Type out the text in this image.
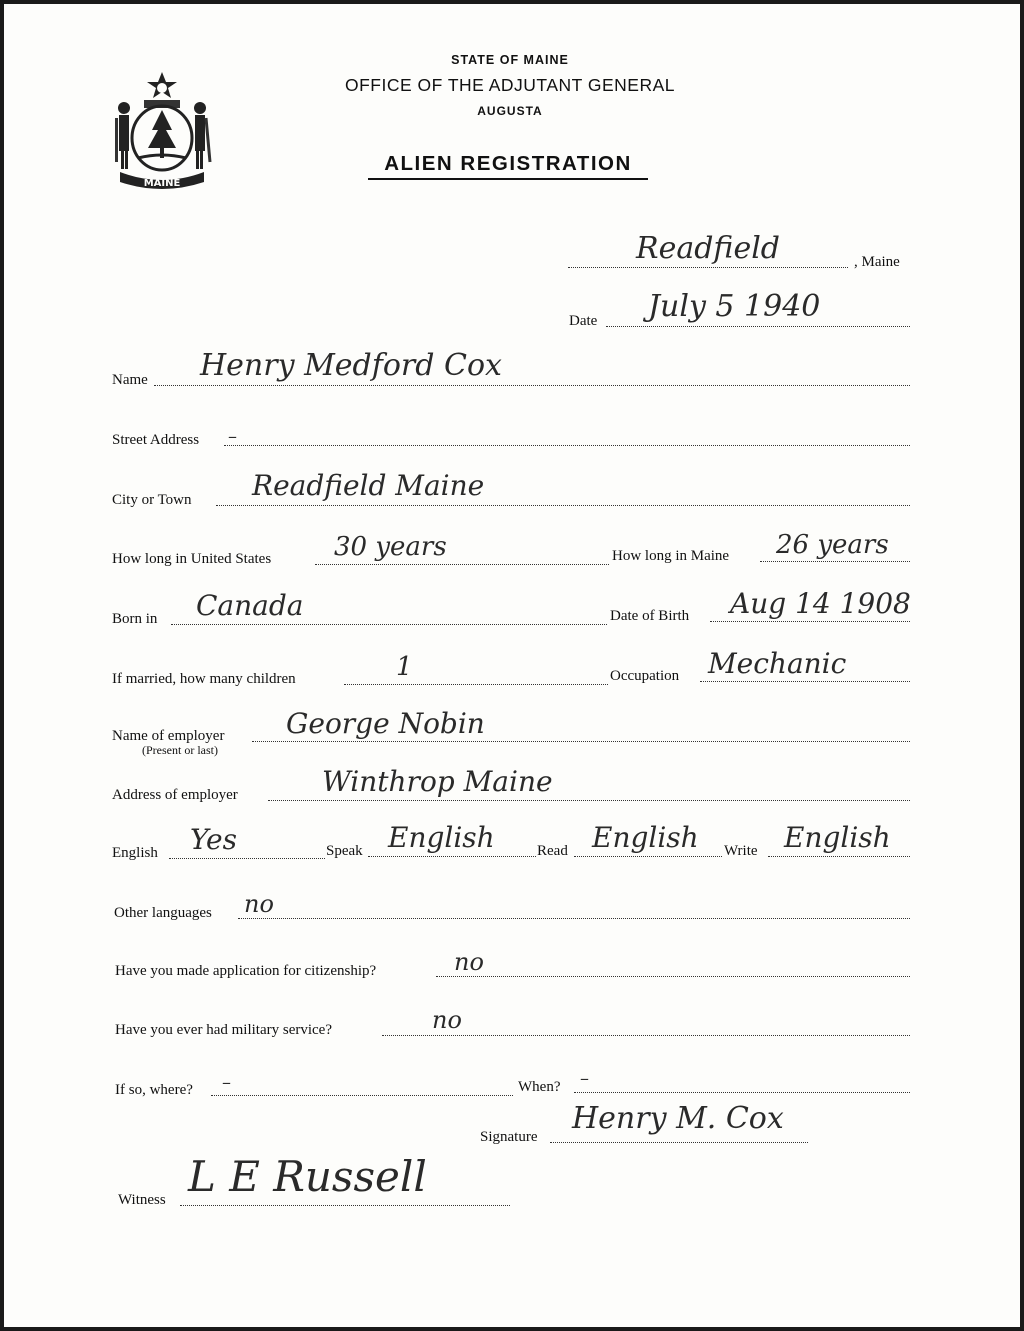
MAINE
STATE OF MAINE
OFFICE OF THE ADJUTANT GENERAL
AUGUSTA
ALIEN REGISTRATION
Readfield	, Maine
Date July 5 1940
Name Henry Medford Cox
Street Address –
City or Town Readfield Maine
How long in United States 30 years	How long in Maine 26 years
Born in Canada	Date of Birth Aug 14 1908
If married, how many children	1	Occupation Mechanic
Name of employer
(Present or last)
George Nobin
Address of employer	Winthrop Maine
English Yes	Speak English	Read English Write English
Other languages no
Have you made application for citizenship?	no
Have you ever had military service?	no
If so, where? –	When? –
Signature
Henry M. Cox
Witness L E Russell
